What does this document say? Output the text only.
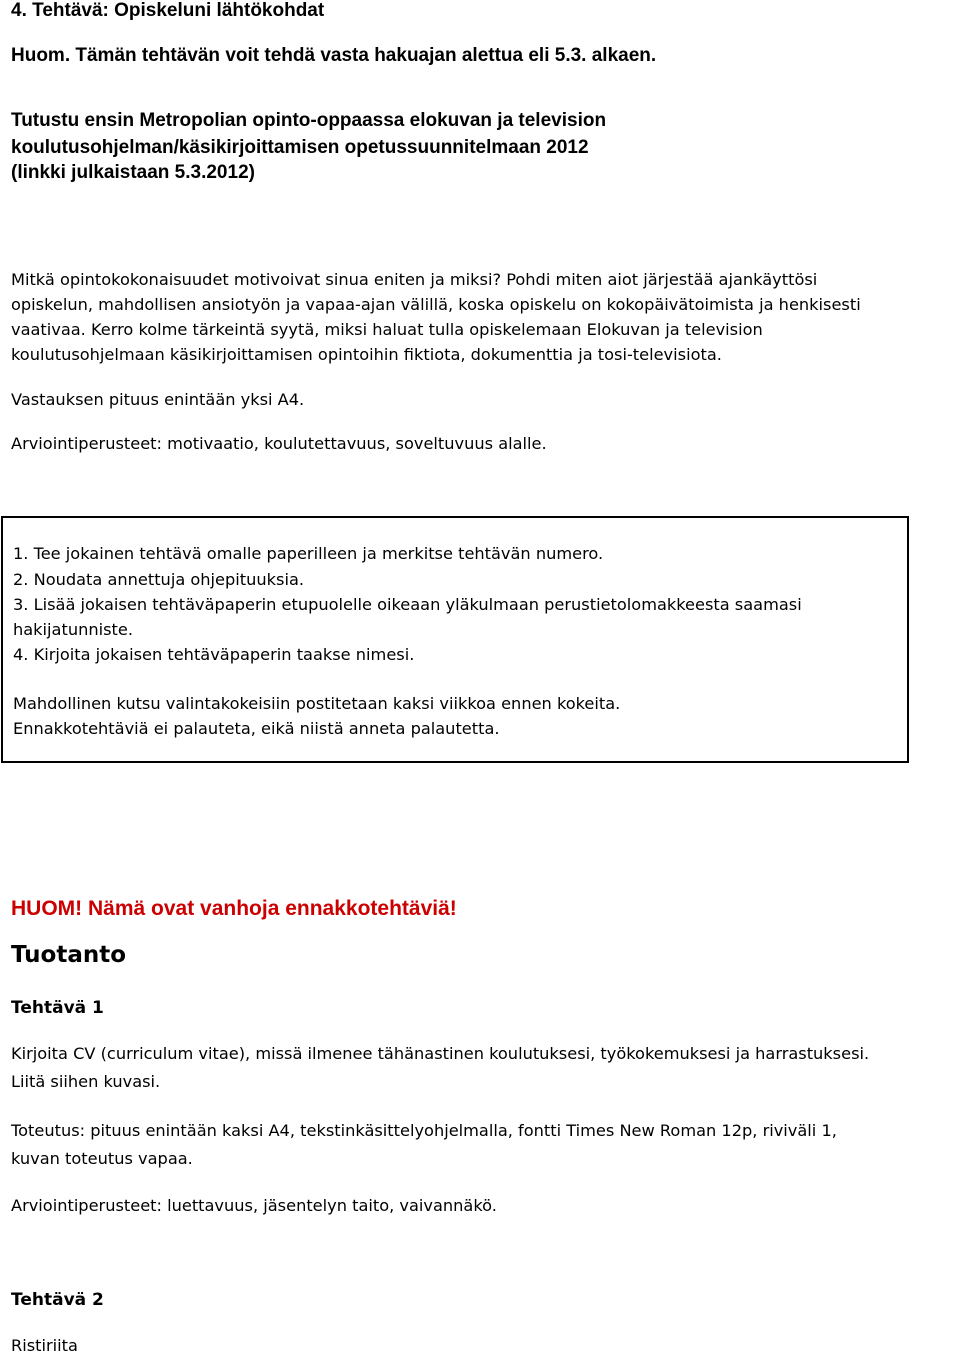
4. Tehtävä: Opiskeluni lähtökohdat

Huom. Tämän tehtävän voit tehdä vasta hakuajan alettua eli 5.3. alkaen.

Tutustu ensin Metropolian opinto-oppaassa elokuvan ja television

koulutusohjelman/käsikirjoittamisen opetussuunnitelmaan 2012

(linkki julkaistaan 5.3.2012)

Mitkä opintokokonaisuudet motivoivat sinua eniten ja miksi? Pohdi miten aiot järjestää ajankäyttösi

opiskelun, mahdollisen ansiotyön ja vapaa-ajan välillä, koska opiskelu on kokopäivätoimista ja henkisesti

vaativaa. Kerro kolme tärkeintä syytä, miksi haluat tulla opiskelemaan Elokuvan ja television

koulutusohjelmaan käsikirjoittamisen opintoihin fiktiota, dokumenttia ja tosi-televisiota.

Vastauksen pituus enintään yksi A4.

Arviointiperusteet: motivaatio, koulutettavuus, soveltuvuus alalle.

1. Tee jokainen tehtävä omalle paperilleen ja merkitse tehtävän numero.
2. Noudata annettuja ohjepituuksia.
3. Lisää jokaisen tehtäväpaperin etupuolelle oikeaan yläkulmaan perustietolomakkeesta saamasi
hakijatunniste.
4. Kirjoita jokaisen tehtäväpaperin taakse nimesi.
Mahdollinen kutsu valintakokeisiin postitetaan kaksi viikkoa ennen kokeita.
Ennakkotehtäviä ei palauteta, eikä niistä anneta palautetta.

HUOM! Nämä ovat vanhoja ennakkotehtäviä!

Tuotanto

Tehtävä 1

Kirjoita CV (curriculum vitae), missä ilmenee tähänastinen koulutuksesi, työkokemuksesi ja harrastuksesi.

Liitä siihen kuvasi.

Toteutus: pituus enintään kaksi A4, tekstinkäsittelyohjelmalla, fontti Times New Roman 12p, riviväli 1,

kuvan toteutus vapaa.

Arviointiperusteet: luettavuus, jäsentelyn taito, vaivannäkö.

Tehtävä 2

Ristiriita
